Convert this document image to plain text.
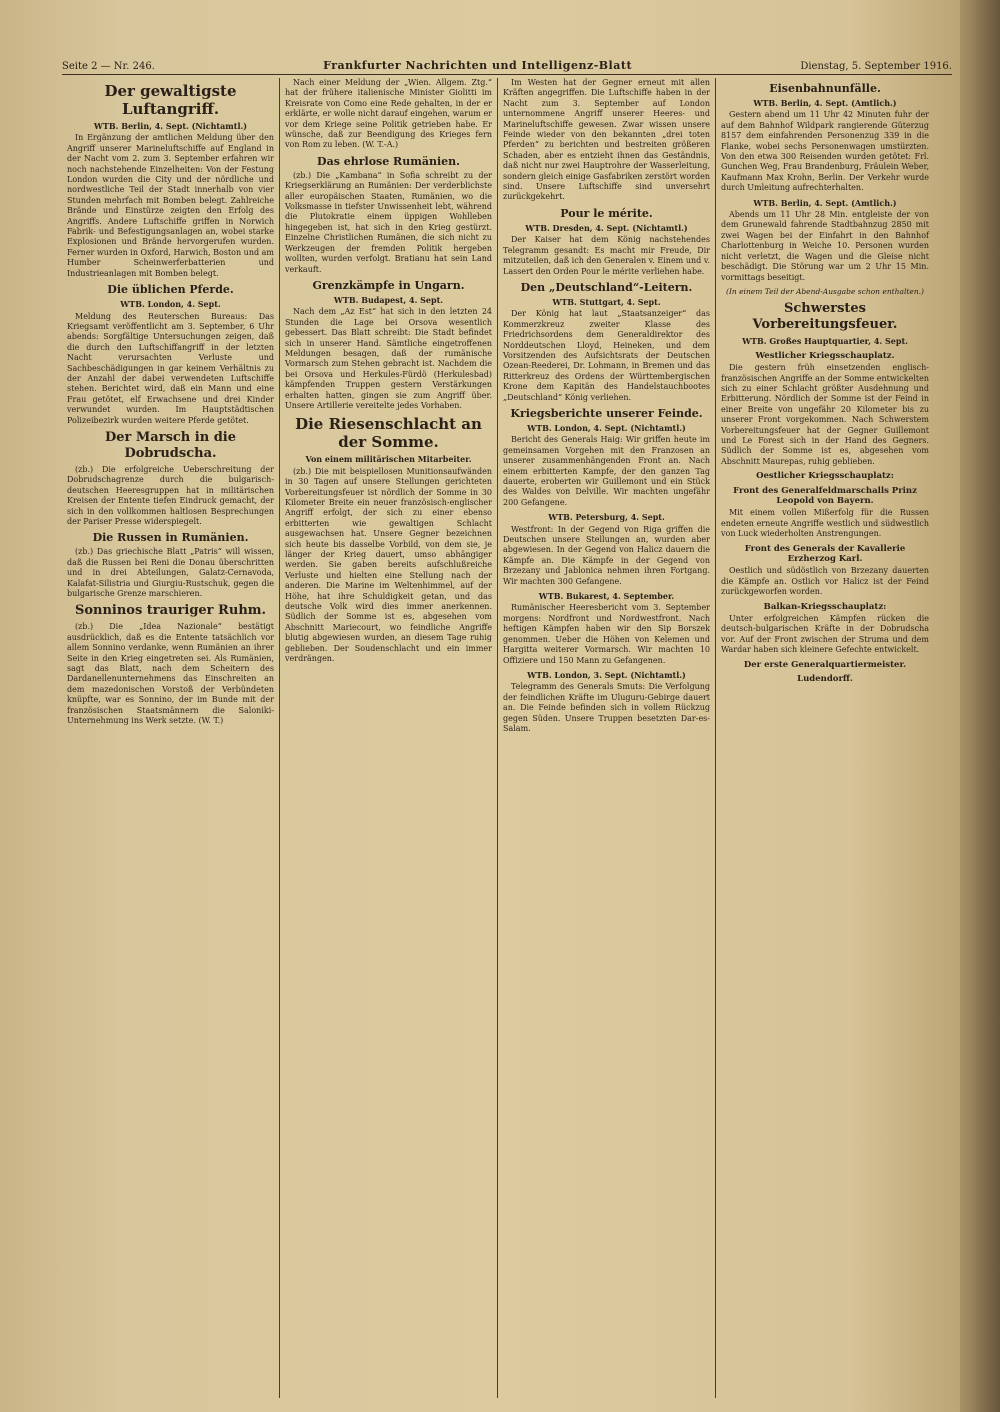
Seite 2 — Nr. 246.	Frankfurter Nachrichten und Intelligenz-Blatt	Dienstag, 5. September 1916.
Der gewaltigste Luftangriff.
WTB. Berlin, 4. Sept. (Nichtamtl.)

In Ergänzung der amtlichen Meldung über den Angriff unserer Marineluftschiffe auf England in der Nacht vom 2. zum 3. September erfahren wir noch nachstehende Einzelheiten: Von der Festung London wurden die City und der nördliche und nordwestliche Teil der Stadt innerhalb von vier Stunden mehrfach mit Bomben belegt. Zahlreiche Brände und Einstürze zeigten den Erfolg des Angriffs. Andere Luftschiffe griffen in Norwich Fabrik- und Befestigungsanlagen an, wobei starke Explosionen und Brände hervorgerufen wurden. Ferner wurden in Oxford, Harwich, Boston und am Humber Scheinwerferbatterien und Industrieanlagen mit Bomben belegt.

Die üblichen Pferde.
WTB. London, 4. Sept.

Meldung des Reuterschen Bureaus: Das Kriegsamt veröffentlicht am 3. September, 6 Uhr abends: Sorgfältige Untersuchungen zeigen, daß die durch den Luftschiffangriff in der letzten Nacht verursachten Verluste und Sachbeschädigungen in gar keinem Verhältnis zu der Anzahl der dabei verwendeten Luftschiffe stehen. Berichtet wird, daß ein Mann und eine Frau getötet, elf Erwachsene und drei Kinder verwundet wurden. Im Hauptstädtischen Polizeibezirk wurden weitere Pferde getötet.

Der Marsch in die Dobrudscha.

(zb.) Die erfolgreiche Ueberschreitung der Dobrudschagrenze durch die bulgarisch-deutschen Heeresgruppen hat in militärischen Kreisen der Entente tiefen Eindruck gemacht, der sich in den vollkommen haltlosen Besprechungen der Pariser Presse widerspiegelt.

Die Russen in Rumänien.

(zb.) Das griechische Blatt „Patris“ will wissen, daß die Russen bei Reni die Donau überschritten und in drei Abteilungen, Galatz-Cernavoda, Kalafat-Silistria und Giurgiu-Rustschuk, gegen die bulgarische Grenze marschieren.

Sonninos trauriger Ruhm.

(zb.) Die „Idea Nazionale“ bestätigt ausdrücklich, daß es die Entente tatsächlich vor allem Sonnino verdanke, wenn Rumänien an ihrer Seite in den Krieg eingetreten sei. Als Rumänien, sagt das Blatt, nach dem Scheitern des Dardanellenunternehmens das Einschreiten an dem mazedonischen Vorstoß der Verbündeten knüpfte, war es Sonnino, der im Bunde mit der französischen Staatsmännern die Saloniki-Unternehmung ins Werk setzte. (W. T.)

Nach einer Meldung der „Wien. Allgem. Ztg.“ hat der frühere italienische Minister Giolitti im Kreisrate von Como eine Rede gehalten, in der er erklärte, er wolle nicht darauf eingehen, warum er vor dem Kriege seine Politik getrieben habe. Er wünsche, daß zur Beendigung des Krieges fern von Rom zu leben. (W. T.-A.)

Das ehrlose Rumänien.

(zb.) Die „Kambana“ in Sofia schreibt zu der Kriegserklärung an Rumänien: Der verderblichste aller europäischen Staaten, Rumänien, wo die Volksmasse in tiefster Unwissenheit lebt, während die Plutokratie einem üppigen Wohlleben hingegeben ist, hat sich in den Krieg gestürzt. Einzelne Christlichen Rumänen, die sich nicht zu Werkzeugen der fremden Politik hergeben wollten, wurden verfolgt. Bratianu hat sein Land verkauft.

Grenzkämpfe in Ungarn.
WTB. Budapest, 4. Sept.

Nach dem „Az Est“ hat sich in den letzten 24 Stunden die Lage bei Orsova wesentlich gebessert. Das Blatt schreibt: Die Stadt befindet sich in unserer Hand. Sämtliche eingetroffenen Meldungen besagen, daß der rumänische Vormarsch zum Stehen gebracht ist. Nachdem die bei Orsova und Herkules-Fürdö (Herkulesbad) kämpfenden Truppen gestern Verstärkungen erhalten hatten, gingen sie zum Angriff über. Unsere Artillerie vereitelte jedes Vorhaben.

Die Riesenschlacht an der Somme.
Von einem militärischen Mitarbeiter.

(zb.) Die mit beispiellosen Munitionsaufwänden in 30 Tagen auf unsere Stellungen gerichteten Vorbereitungsfeuer ist nördlich der Somme in 30 Kilometer Breite ein neuer französisch-englischer Angriff erfolgt, der sich zu einer ebenso erbitterten wie gewaltigen Schlacht ausgewachsen hat. Unsere Gegner bezeichnen sich heute bis dasselbe Vorbild, von dem sie, je länger der Krieg dauert, umso abhängiger werden. Sie gaben bereits aufschlußreiche Verluste und hielten eine Stellung nach der anderen. Die Marine im Weltenhimmel, auf der Höhe, hat ihre Schuldigkeit getan, und das deutsche Volk wird dies immer anerkennen. Südlich der Somme ist es, abgesehen vom Abschnitt Mariecourt, wo feindliche Angriffe blutig abgewiesen wurden, an diesem Tage ruhig geblieben. Der Soudenschlacht und ein immer verdrängen.

Im Westen hat der Gegner erneut mit allen Kräften angegriffen. Die Luftschiffe haben in der Nacht zum 3. September auf London unternommene Angriff unserer Heeres- und Marineluftschiffe gewesen. Zwar wissen unsere Feinde wieder von den bekannten „drei toten Pferden“ zu berichten und bestreiten größeren Schaden, aber es entzieht ihnen das Geständnis, daß nicht nur zwei Hauptrohre der Wasserleitung, sondern gleich einige Gasfabriken zerstört worden sind. Unsere Luftschiffe sind unversehrt zurückgekehrt.

Pour le mérite.
WTB. Dresden, 4. Sept. (Nichtamtl.)

Der Kaiser hat dem König nachstehendes Telegramm gesandt: Es macht mir Freude, Dir mitzuteilen, daß ich den Generalen v. Einem und v. Lassert den Orden Pour le mérite verliehen habe.

Den „Deutschland“-Leitern.
WTB. Stuttgart, 4. Sept.

Der König hat laut „Staatsanzeiger“ das Kommerzkreuz zweiter Klasse des Friedrichsordens dem Generaldirektor des Norddeutschen Lloyd, Heineken, und dem Vorsitzenden des Aufsichtsrats der Deutschen Ozean-Reederei, Dr. Lohmann, in Bremen und das Ritterkreuz des Ordens der Württembergischen Krone dem Kapitän des Handelstauchbootes „Deutschland“ König verliehen.

Kriegsberichte unserer Feinde.
WTB. London, 4. Sept. (Nichtamtl.)

Bericht des Generals Haig: Wir griffen heute im gemeinsamen Vorgehen mit den Franzosen an unserer zusammenhängenden Front an. Nach einem erbitterten Kampfe, der den ganzen Tag dauerte, eroberten wir Guillemont und ein Stück des Waldes von Delville. Wir machten ungefähr 200 Gefangene.

WTB. Petersburg, 4. Sept.

Westfront: In der Gegend von Riga griffen die Deutschen unsere Stellungen an, wurden aber abgewiesen. In der Gegend von Halicz dauern die Kämpfe an. Die Kämpfe in der Gegend von Brzezany und Jablonica nehmen ihren Fortgang. Wir machten 300 Gefangene.

WTB. Bukarest, 4. September.

Rumänischer Heeresbericht vom 3. September morgens: Nordfront und Nordwestfront. Nach heftigen Kämpfen haben wir den Sip Borszek genommen. Ueber die Höhen von Kelemen und Hargitta weiterer Vormarsch. Wir machten 10 Offiziere und 150 Mann zu Gefangenen.

WTB. London, 3. Sept. (Nichtamtl.)

Telegramm des Generals Smuts: Die Verfolgung der feindlichen Kräfte im Uluguru-Gebirge dauert an. Die Feinde befinden sich in vollem Rückzug gegen Süden. Unsere Truppen besetzten Dar-es-Salam.

Eisenbahnunfälle.
WTB. Berlin, 4. Sept. (Amtlich.)

Gestern abend um 11 Uhr 42 Minuten fuhr der auf dem Bahnhof Wildpark rangierende Güterzug 8157 dem einfahrenden Personenzug 339 in die Flanke, wobei sechs Personenwagen umstürzten. Von den etwa 300 Reisenden wurden getötet: Frl. Gunchen Weg, Frau Brandenburg, Fräulein Weber, Kaufmann Max Krohn, Berlin. Der Verkehr wurde durch Umleitung aufrechterhalten.

WTB. Berlin, 4. Sept. (Amtlich.)

Abends um 11 Uhr 28 Min. entgleiste der von dem Grunewald fahrende Stadtbahnzug 2850 mit zwei Wagen bei der Einfahrt in den Bahnhof Charlottenburg in Weiche 10. Personen wurden nicht verletzt, die Wagen und die Gleise nicht beschädigt. Die Störung war um 2 Uhr 15 Min. vormittags beseitigt.

(In einem Teil der Abend-Ausgabe schon enthalten.)
Schwerstes Vorbereitungsfeuer.
WTB. Großes Hauptquartier, 4. Sept.
Westlicher Kriegsschauplatz.

Die gestern früh einsetzenden englisch-französischen Angriffe an der Somme entwickelten sich zu einer Schlacht größter Ausdehnung und Erbitterung. Nördlich der Somme ist der Feind in einer Breite von ungefähr 20 Kilometer bis zu unserer Front vorgekommen. Nach Schwerstem Vorbereitungsfeuer hat der Gegner Guillemont und Le Forest sich in der Hand des Gegners. Südlich der Somme ist es, abgesehen vom Abschnitt Maurepas, ruhig geblieben.

Oestlicher Kriegsschauplatz:
Front des Generalfeldmarschalls Prinz Leopold von Bayern.

Mit einem vollen Mißerfolg für die Russen endeten erneute Angriffe westlich und südwestlich von Luck wiederholten Anstrengungen.

Front des Generals der Kavallerie Erzherzog Karl.

Oestlich und südöstlich von Brzezany dauerten die Kämpfe an. Ostlich vor Halicz ist der Feind zurückgeworfen worden.

Balkan-Kriegsschauplatz:

Unter erfolgreichen Kämpfen rücken die deutsch-bulgarischen Kräfte in der Dobrudscha vor. Auf der Front zwischen der Struma und dem Wardar haben sich kleinere Gefechte entwickelt.

Der erste Generalquartiermeister.
Ludendorff.
